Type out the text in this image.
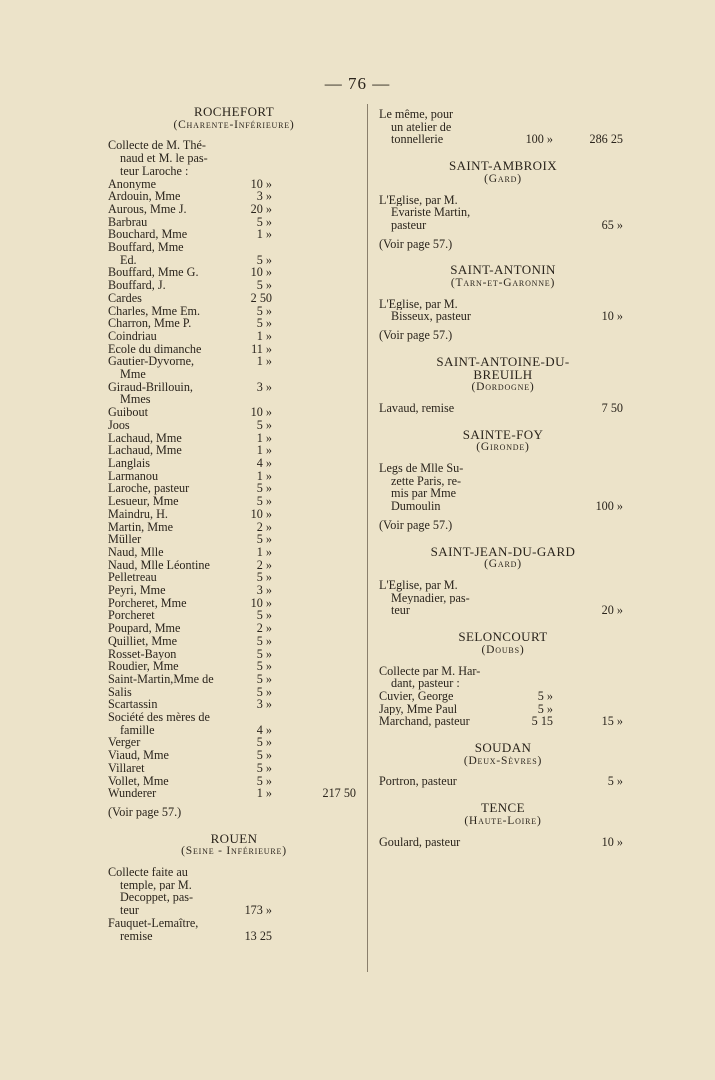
— 76 —
ROCHEFORT
(Charente-Inférieure)
Collecte de M. Thé-
naud et M. le pas-
teur Laroche :
Anonyme	10 »
Ardouin, Mme	3 »
Aurous, Mme J.	20 »
Barbrau	5 »
Bouchard, Mme	1 »
Bouffard, Mme
Ed.	5 »
Bouffard, Mme G.	10 »
Bouffard, J.	5 »
Cardes	2 50
Charles, Mme Em.	5 »
Charron, Mme P.	5 »
Coindriau	1 »
Ecole du dimanche	11 »
Gautier-Dyvorne,	1 »
Mme
Giraud-Brillouin,	3 »
Mmes
Guibout	10 »
Joos	5 »
Lachaud, Mme	1 »
Lachaud, Mme	1 »
Langlais	4 »
Larmanou	1 »
Laroche, pasteur	5 »
Lesueur, Mme	5 »
Maindru, H.	10 »
Martin, Mme	2 »
Müller	5 »
Naud, Mlle	1 »
Naud, Mlle Léontine	2 »
Pelletreau	5 »
Peyri, Mme	3 »
Porcheret, Mme	10 »
Porcheret	5 »
Poupard, Mme	2 »
Quilliet, Mme	5 »
Rosset-Bayon	5 »
Roudier, Mme	5 »
Saint-Martin,Mme de	5 »
Salis	5 »
Scartassin	3 »
Société des mères de
famille	4 »
Verger	5 »
Viaud, Mme	5 »
Villaret	5 »
Vollet, Mme	5 »
Wunderer	1 »	217 50
(Voir page 57.)
ROUEN
(Seine - Inférieure)
Collecte faite au
temple, par M.
Decoppet, pas-
teur	173 »
Fauquet-Lemaître,
remise	13 25
Le même, pour
un atelier de
tonnellerie	100 »	286 25
SAINT-AMBROIX
(Gard)
L'Eglise, par M.
Evariste Martin,
pasteur	65 »
(Voir page 57.)
SAINT-ANTONIN
(Tarn-et-Garonne)
L'Eglise, par M.
Bisseux, pasteur	10 »
(Voir page 57.)
SAINT-ANTOINE-DU-
BREUILH
(Dordogne)
Lavaud, remise	7 50
SAINTE-FOY
(Gironde)
Legs de Mlle Su-
zette Paris, re-
mis par Mme
Dumoulin	100 »
(Voir page 57.)
SAINT-JEAN-DU-GARD
(Gard)
L'Eglise, par M.
Meynadier, pas-
teur	20 »
SELONCOURT
(Doubs)
Collecte par M. Har-
dant, pasteur :
Cuvier, George	5 »
Japy, Mme Paul	5 »
Marchand, pasteur	5 15	15 »
SOUDAN
(Deux-Sèvres)
Portron, pasteur	5 »
TENCE
(Haute-Loire)
Goulard, pasteur	10 »
